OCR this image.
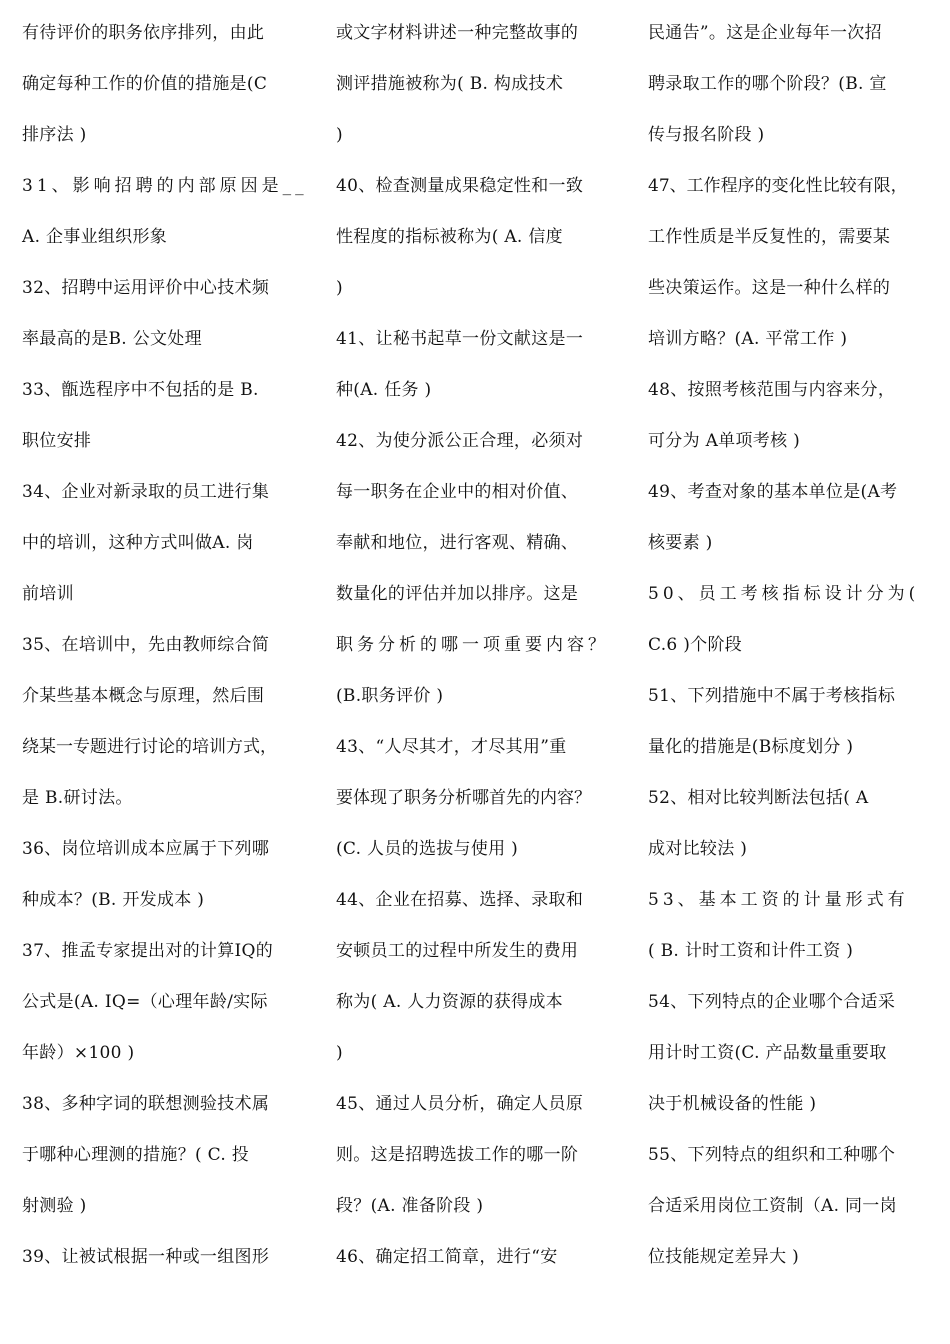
有待评价的职务依序排列，由此
确定每种工作的价值的措施是(C
排序法 )
31、影响招聘的内部原因是__
A. 企事业组织形象
32、招聘中运用评价中心技术频
率最高的是B. 公文处理
33、甑选程序中不包括的是 B.
职位安排
34、企业对新录取的员工进行集
中的培训，这种方式叫做A. 岗
前培训
35、在培训中，先由教师综合简
介某些基本概念与原理，然后围
绕某一专题进行讨论的培训方式，
是 B.研讨法。
36、岗位培训成本应属于下列哪
种成本？(B. 开发成本 )
37、推孟专家提出对的计算IQ的
公式是(A. IQ=（心理年龄/实际
年龄）×100 )
38、多种字词的联想测验技术属
于哪种心理测的措施？( C. 投
射测验 )
39、让被试根据一种或一组图形
或文字材料讲述一种完整故事的
测评措施被称为( B. 构成技术
)
40、检查测量成果稳定性和一致
性程度的指标被称为( A. 信度
)
41、让秘书起草一份文献这是一
种(A. 任务 )
42、为使分派公正合理，必须对
每一职务在企业中的相对价值、
奉献和地位，进行客观、精确、
数量化的评估并加以排序。这是
职务分析的哪一项重要内容？
(B.职务评价 )
43、“人尽其才，才尽其用”重
要体现了职务分析哪首先的内容？
(C. 人员的选拔与使用 )
44、企业在招募、选择、录取和
安顿员工的过程中所发生的费用
称为( A. 人力资源的获得成本
)
45、通过人员分析，确定人员原
则。这是招聘选拔工作的哪一阶
段？(A. 准备阶段 )
46、确定招工简章，进行“安
民通告”。这是企业每年一次招
聘录取工作的哪个阶段？(B. 宣
传与报名阶段 )
47、工作程序的变化性比较有限，
工作性质是半反复性的，需要某
些决策运作。这是一种什么样的
培训方略？(A. 平常工作 )
48、按照考核范围与内容来分，
可分为 A单项考核 )
49、考查对象的基本单位是(A考
核要素 )
50、员工考核指标设计分为(
C.6 )个阶段
51、下列措施中不属于考核指标
量化的措施是(B标度划分 )
52、相对比较判断法包括( A
成对比较法 )
53、基本工资的计量形式有
( B. 计时工资和计件工资 )
54、下列特点的企业哪个合适采
用计时工资(C. 产品数量重要取
决于机械设备的性能 )
55、下列特点的组织和工种哪个
合适采用岗位工资制（A. 同一岗
位技能规定差异大 )
